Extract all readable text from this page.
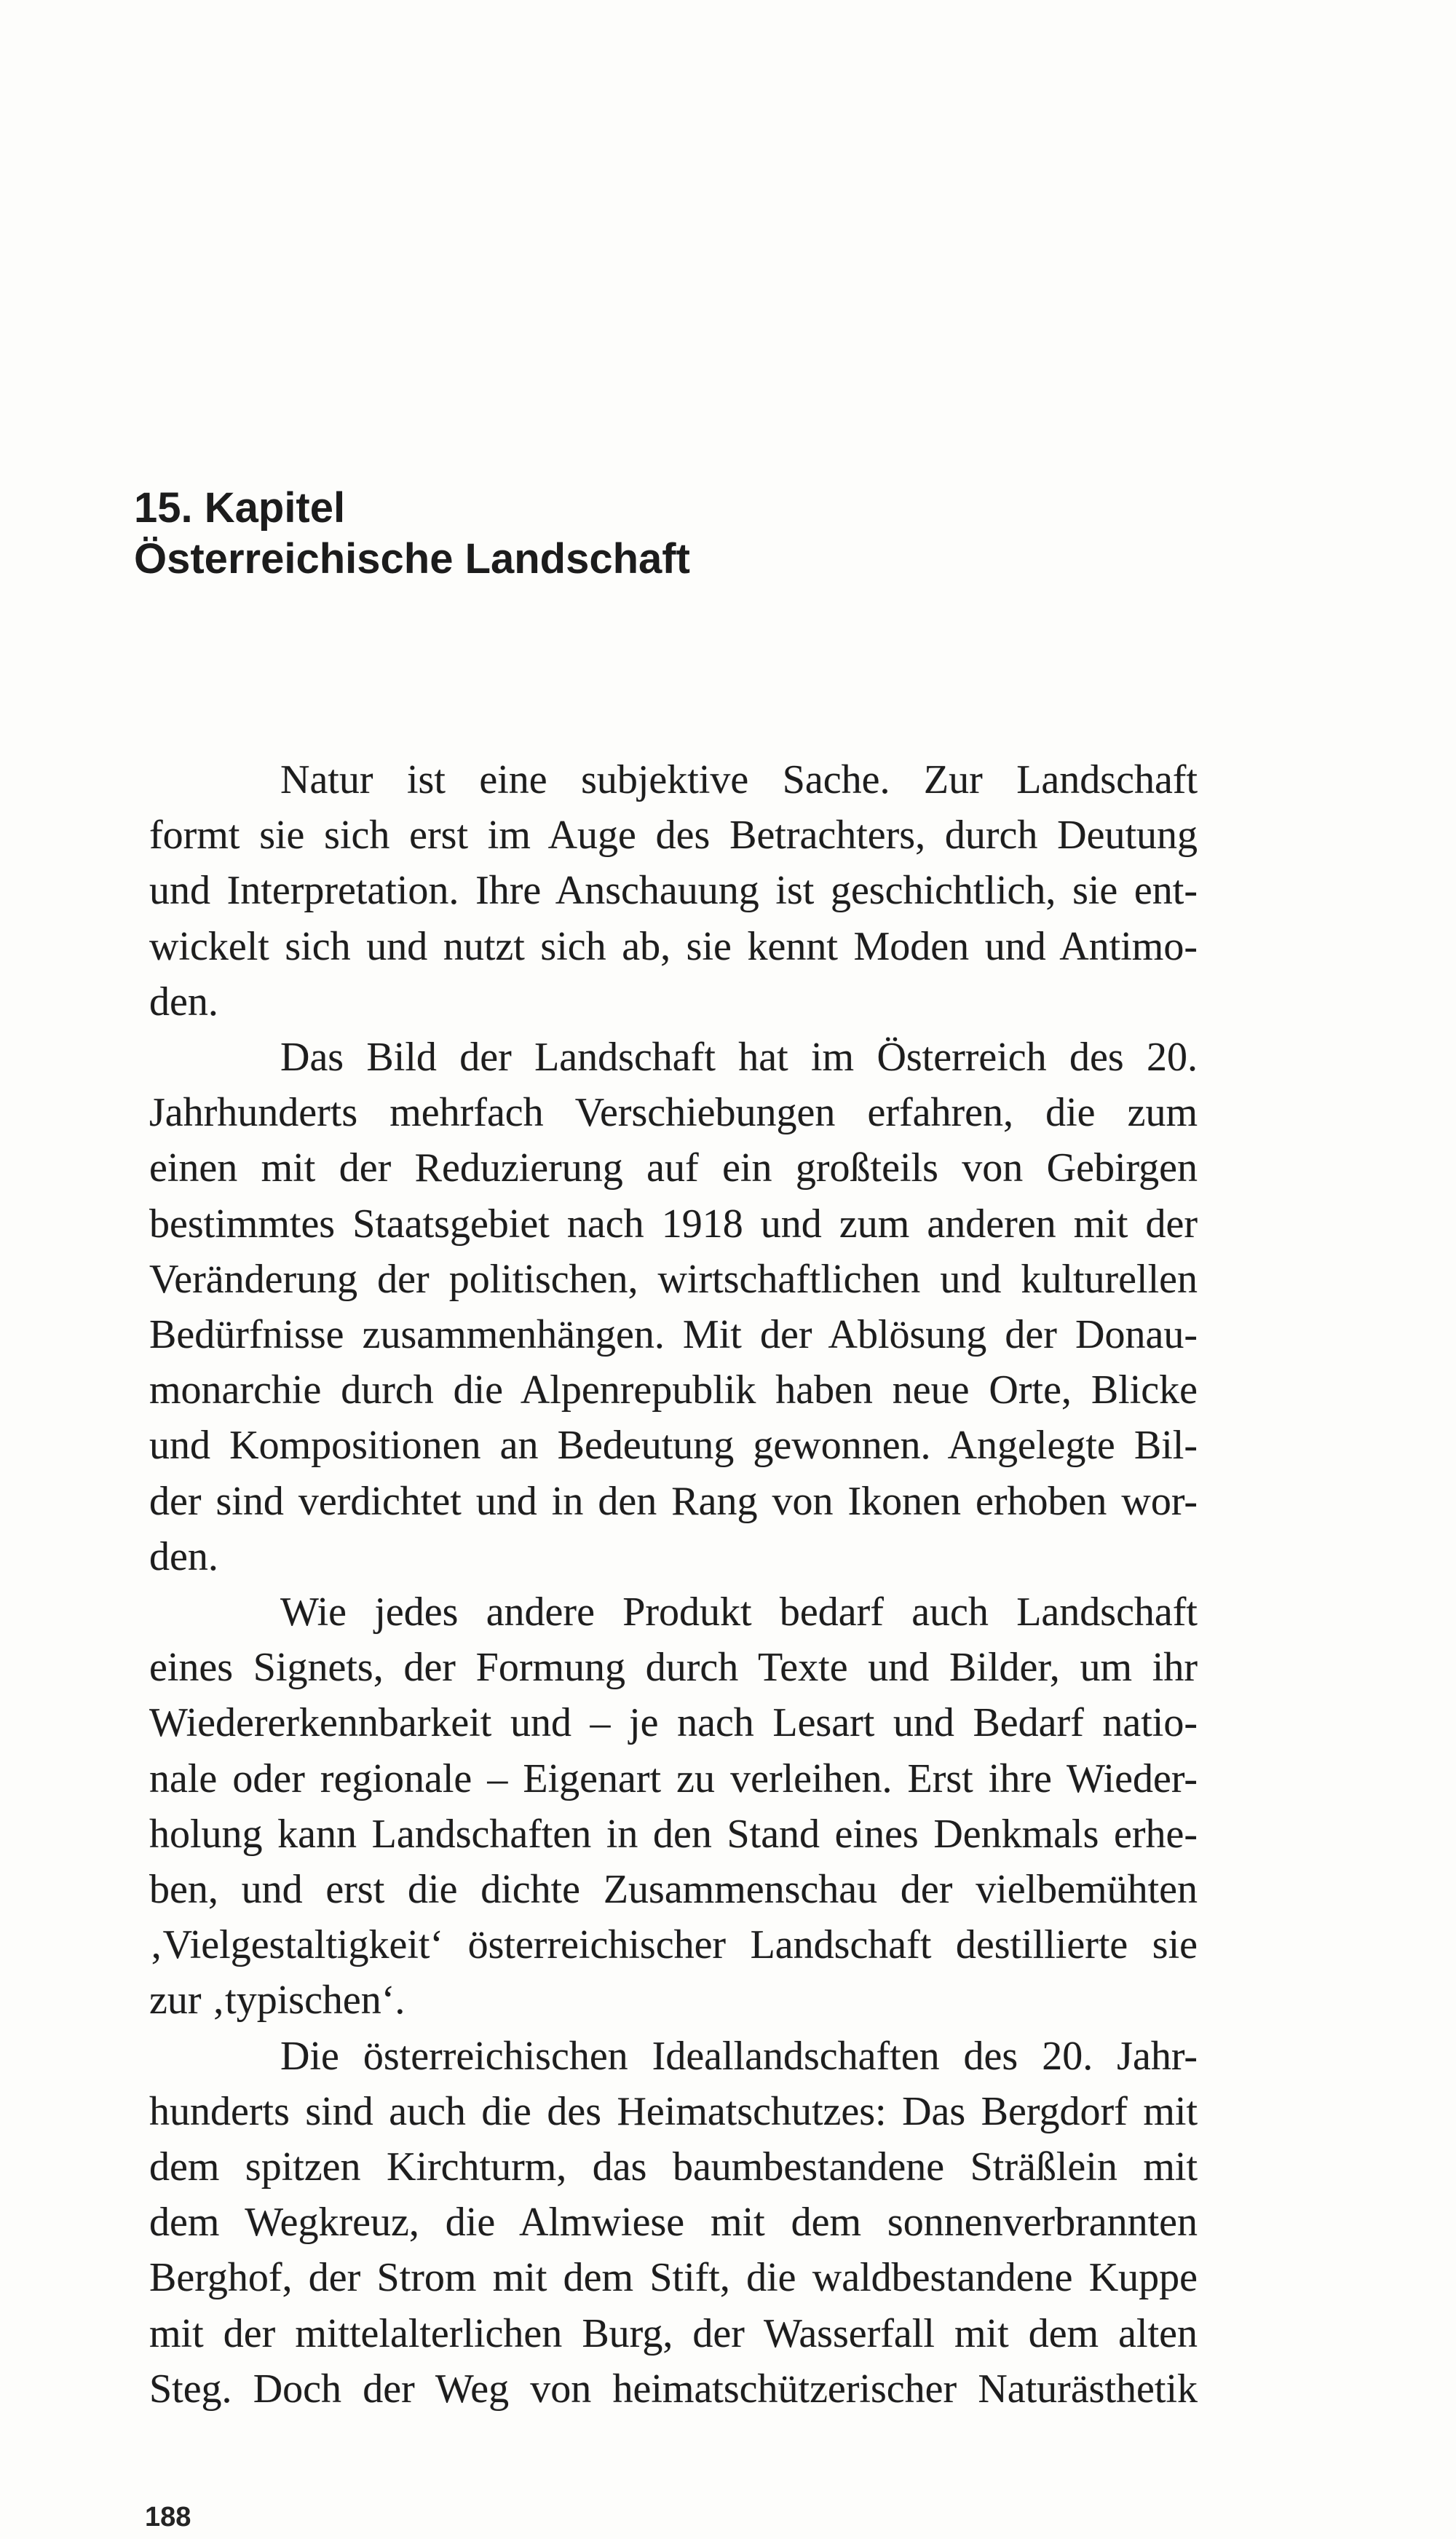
15. Kapitel
Österreichische Landschaft
Natur ist eine subjektive Sache. Zur Landschaft
formt sie sich erst im Auge des Betrachters, durch Deutung
und Interpretation. Ihre Anschauung ist geschichtlich, sie ent-
wickelt sich und nutzt sich ab, sie kennt Moden und Antimo-
den.
Das Bild der Landschaft hat im Österreich des 20.
Jahrhunderts mehrfach Verschiebungen erfahren, die zum
einen mit der Reduzierung auf ein großteils von Gebirgen
bestimmtes Staatsgebiet nach 1918 und zum anderen mit der
Veränderung der politischen, wirtschaftlichen und kulturellen
Bedürfnisse zusammenhängen. Mit der Ablösung der Donau-
monarchie durch die Alpenrepublik haben neue Orte, Blicke
und Kompositionen an Bedeutung gewonnen. Angelegte Bil-
der sind verdichtet und in den Rang von Ikonen erhoben wor-
den.
Wie jedes andere Produkt bedarf auch Landschaft
eines Signets, der Formung durch Texte und Bilder, um ihr
Wiedererkennbarkeit und – je nach Lesart und Bedarf natio-
nale oder regionale – Eigenart zu verleihen. Erst ihre Wieder-
holung kann Landschaften in den Stand eines Denkmals erhe-
ben, und erst die dichte Zusammenschau der vielbemühten
‚Vielgestaltigkeit‘ österreichischer Landschaft destillierte sie
zur ‚typischen‘.
Die österreichischen Ideallandschaften des 20. Jahr-
hunderts sind auch die des Heimatschutzes: Das Bergdorf mit
dem spitzen Kirchturm, das baumbestandene Sträßlein mit
dem Wegkreuz, die Almwiese mit dem sonnenverbrannten
Berghof, der Strom mit dem Stift, die waldbestandene Kuppe
mit der mittelalterlichen Burg, der Wasserfall mit dem alten
Steg. Doch der Weg von heimatschützerischer Naturästhetik
188
